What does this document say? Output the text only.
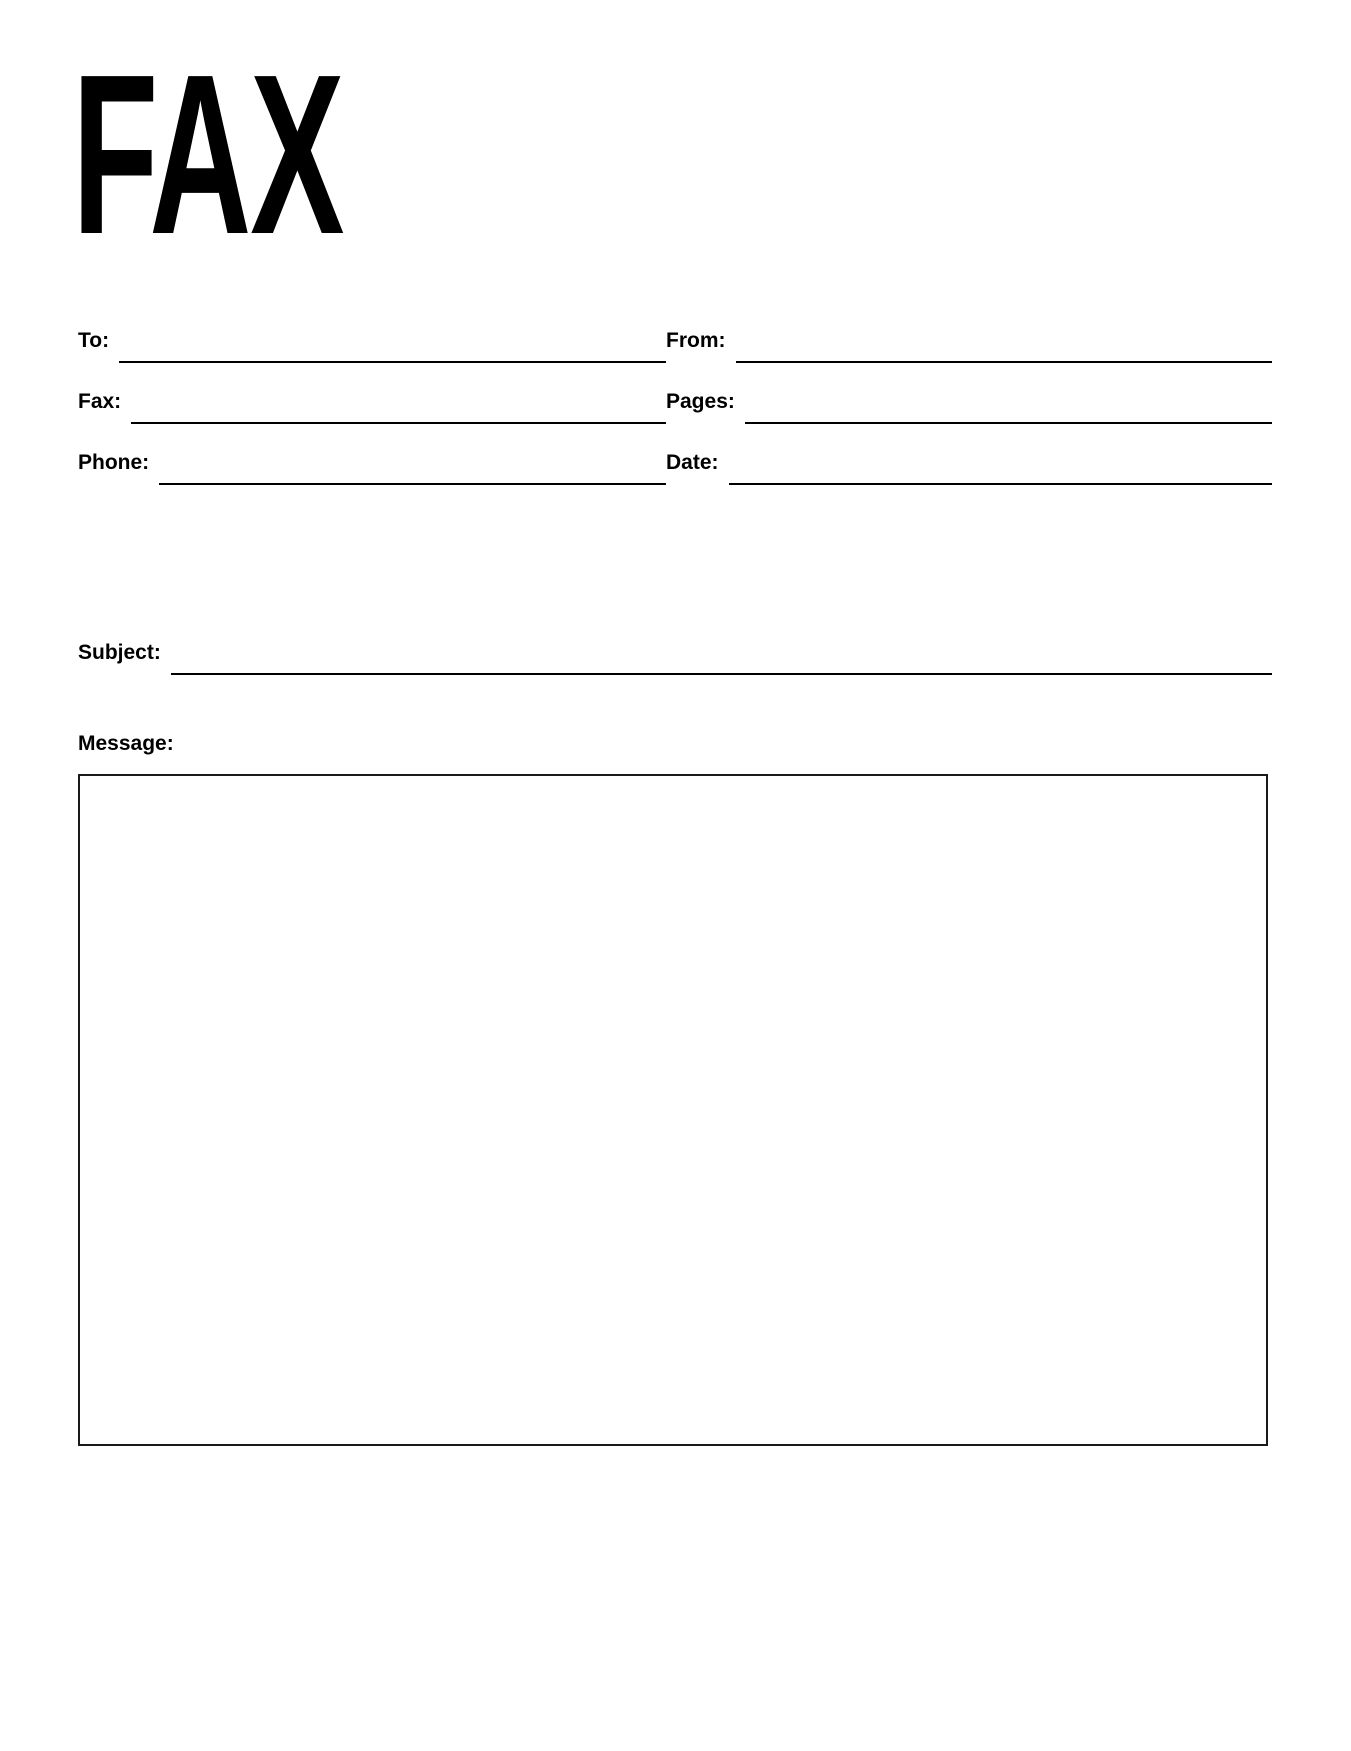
FAX
To:	From:
Fax:	Pages:
Phone:	Date:
Subject:
Message:
